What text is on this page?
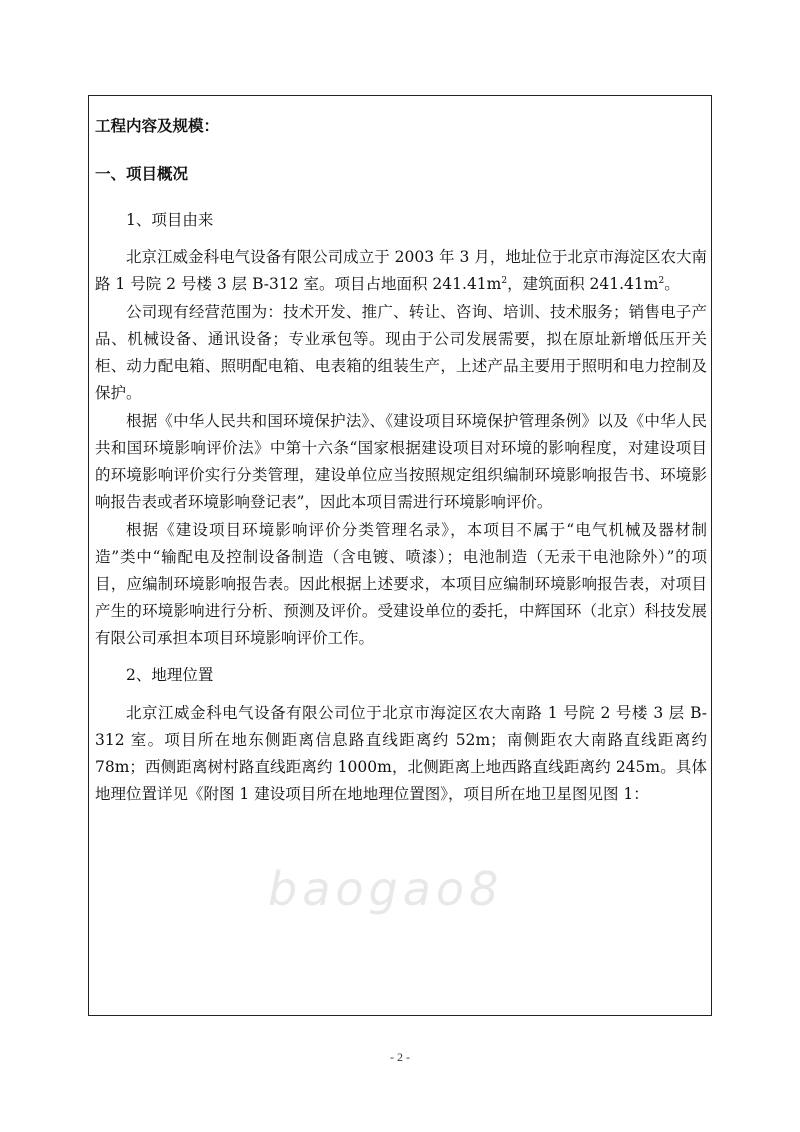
工程内容及规模：

一、项目概况

1、项目由来

北京江威金科电气设备有限公司成立于 2003 年 3 月，地址位于北京市海淀区农大南路 1 号院 2 号楼 3 层 B-312 室。项目占地面积 $241.41m^2$，建筑面积 $241.41m^2$。

公司现有经营范围为：技术开发、推广、转让、咨询、培训、技术服务；销售电子产品、机械设备、通讯设备；专业承包等。现由于公司发展需要，拟在原址新增低压开关柜、动力配电箱、照明配电箱、电表箱的组装生产，上述产品主要用于照明和电力控制及保护。

根据《中华人民共和国环境保护法》、《建设项目环境保护管理条例》以及《中华人民共和国环境影响评价法》中第十六条“国家根据建设项目对环境的影响程度，对建设项目的环境影响评价实行分类管理，建设单位应当按照规定组织编制环境影响报告书、环境影响报告表或者环境影响登记表”，因此本项目需进行环境影响评价。

根据《建设项目环境影响评价分类管理名录》，本项目不属于“电气机械及器材制造”类中“输配电及控制设备制造（含电镀、喷漆）；电池制造（无汞干电池除外）”的项目，应编制环境影响报告表。因此根据上述要求，本项目应编制环境影响报告表，对项目产生的环境影响进行分析、预测及评价。受建设单位的委托，中辉国环（北京）科技发展有限公司承担本项目环境影响评价工作。

2、地理位置

北京江威金科电气设备有限公司位于北京市海淀区农大南路 1 号院 2 号楼 3 层 B-312 室。项目所在地东侧距离信息路直线距离约 52m；南侧距农大南路直线距离约 78m；西侧距离树村路直线距离约 1000m，北侧距离上地西路直线距离约 245m。具体地理位置详见《附图 1 建设项目所在地地理位置图》，项目所在地卫星图见图 1：

baogao8
- 2 -
